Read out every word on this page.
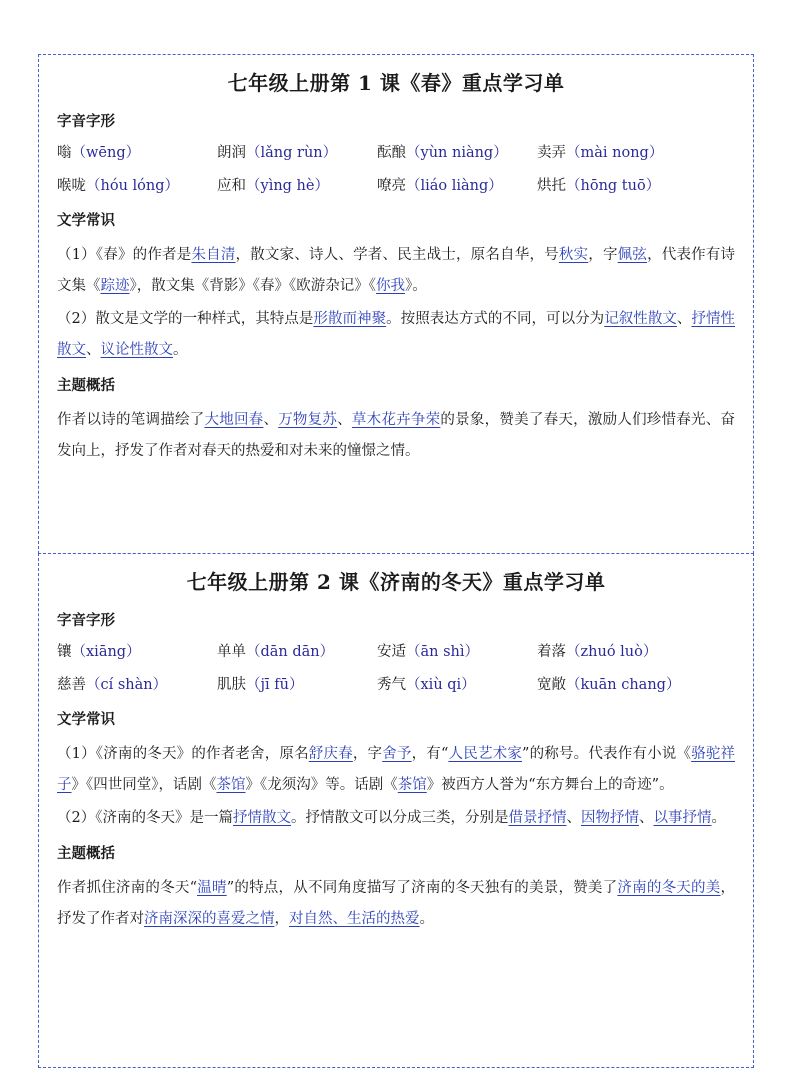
七年级上册第 1 课《春》重点学习单
字音字形
嗡（wēng）	朗润（lǎng rùn）	酝酿（yùn niàng）	卖弄（mài nong）
喉咙（hóu lóng）	应和（yìng hè）	嘹亮（liáo liàng）	烘托（hōng tuō）
文学常识
（1）《春》的作者是朱自清，散文家、诗人、学者、民主战士，原名自华，号秋实，字佩弦，代表作有诗文集《踪迹》，散文集《背影》《春》《欧游杂记》《你我》。
（2）散文是文学的一种样式，其特点是形散而神聚。按照表达方式的不同，可以分为记叙性散文、抒情性散文、议论性散文。
主题概括
作者以诗的笔调描绘了大地回春、万物复苏、草木花卉争荣的景象，赞美了春天，激励人们珍惜春光、奋发向上，抒发了作者对春天的热爱和对未来的憧憬之情。
七年级上册第 2 课《济南的冬天》重点学习单
字音字形
镶（xiāng）	单单（dān dān）	安适（ān shì）	着落（zhuó luò）
慈善（cí shàn）	肌肤（jī fū）	秀气（xiù qi）	宽敞（kuān chang）
文学常识
（1）《济南的冬天》的作者老舍，原名舒庆春，字舍予，有“人民艺术家”的称号。代表作有小说《骆驼祥子》《四世同堂》，话剧《茶馆》《龙须沟》等。话剧《茶馆》被西方人誉为“东方舞台上的奇迹”。
（2）《济南的冬天》是一篇抒情散文。抒情散文可以分成三类，分别是借景抒情、因物抒情、以事抒情。
主题概括
作者抓住济南的冬天“温晴”的特点，从不同角度描写了济南的冬天独有的美景，赞美了济南的冬天的美，抒发了作者对济南深深的喜爱之情，对自然、生活的热爱。
